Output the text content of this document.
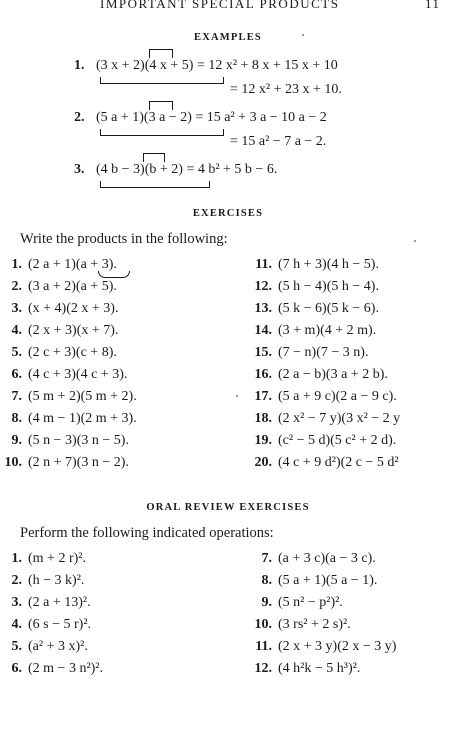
IMPORTANT SPECIAL PRODUCTS	11
EXAMPLES
1. (3 x + 2)(4 x + 5) = 12 x² + 8 x + 15 x + 10
= 12 x² + 23 x + 10.
2. (5 a + 1)(3 a − 2) = 15 a² + 3 a − 10 a − 2
= 15 a² − 7 a − 2.
3. (4 b − 3)(b + 2) = 4 b² + 5 b − 6.
EXERCISES
Write the products in the following:
1. (2 a + 1)(a + 3).
2. (3 a + 2)(a + 5).
3. (x + 4)(2 x + 3).
4. (2 x + 3)(x + 7).
5. (2 c + 3)(c + 8).
6. (4 c + 3)(4 c + 3).
7. (5 m + 2)(5 m + 2).
8. (4 m − 1)(2 m + 3).
9. (5 n − 3)(3 n − 5).
10. (2 n + 7)(3 n − 2).
11. (7 h + 3)(4 h − 5).
12. (5 h − 4)(5 h − 4).
13. (5 k − 6)(5 k − 6).
14. (3 + m)(4 + 2 m).
15. (7 − n)(7 − 3 n).
16. (2 a − b)(3 a + 2 b).
17. (5 a + 9 c)(2 a − 9 c).
18. (2 x² − 7 y)(3 x² − 2 y
19. (c² − 5 d)(5 c² + 2 d).
20. (4 c + 9 d²)(2 c − 5 d²
ORAL REVIEW EXERCISES
Perform the following indicated operations:
1. (m + 2 r)².
2. (h − 3 k)².
3. (2 a + 13)².
4. (6 s − 5 r)².
5. (a² + 3 x)².
6. (2 m − 3 n²)².
7. (a + 3 c)(a − 3 c).
8. (5 a + 1)(5 a − 1).
9. (5 n² − p²)².
10. (3 rs² + 2 s)².
11. (2 x + 3 y)(2 x − 3 y)
12. (4 h²k − 5 h³)².
